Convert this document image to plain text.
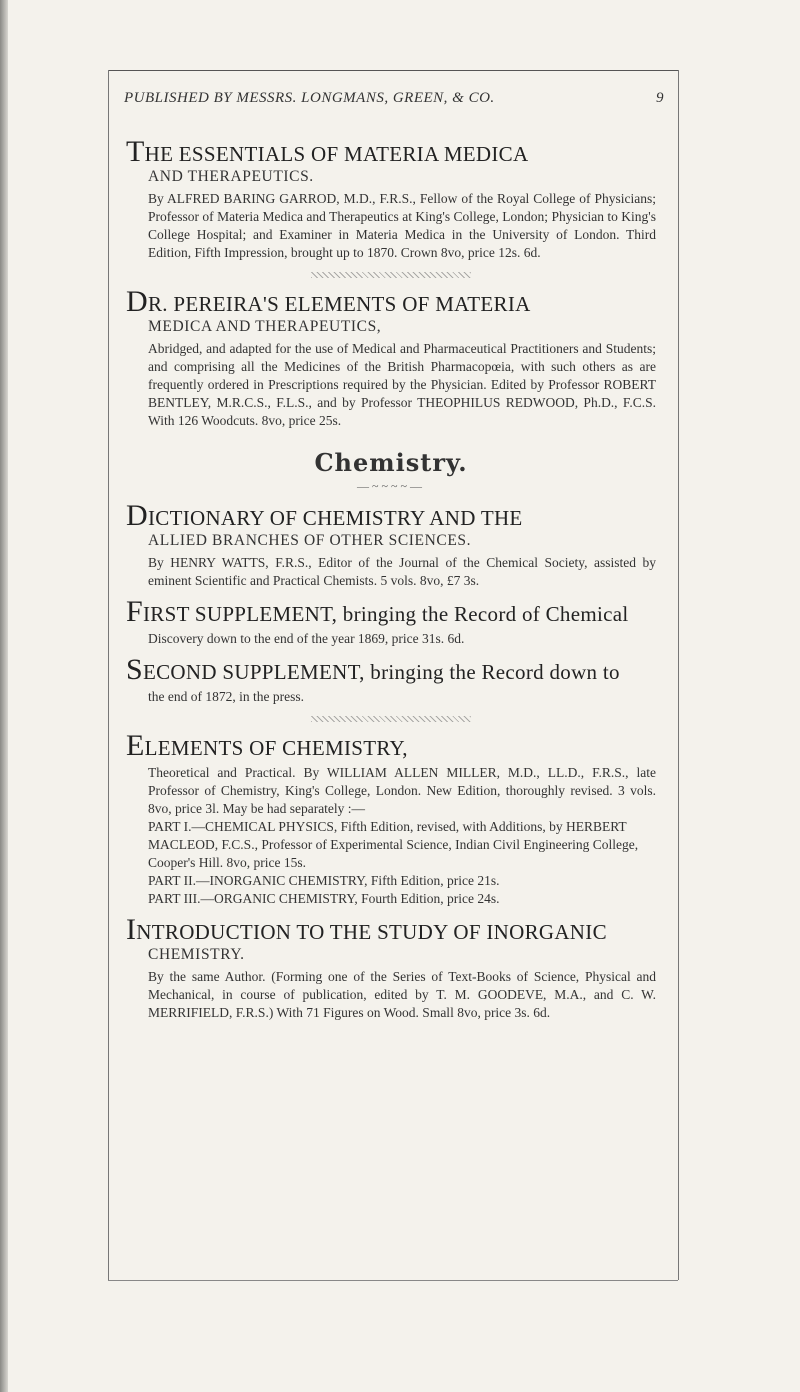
PUBLISHED BY MESSRS. LONGMANS, GREEN, & CO.	9
THE ESSENTIALS OF MATERIA MEDICA
AND THERAPEUTICS.
By ALFRED BARING GARROD, M.D., F.R.S., Fellow of the Royal College of Physicians; Professor of Materia Medica and Therapeutics at King's College, London; Physician to King's College Hospital; and Examiner in Materia Medica in the University of London. Third Edition, Fifth Impression, brought up to 1870. Crown 8vo, price 12s. 6d.
DR. PEREIRA'S ELEMENTS OF MATERIA
MEDICA AND THERAPEUTICS,
Abridged, and adapted for the use of Medical and Pharmaceutical Practitioners and Students; and comprising all the Medicines of the British Pharmacopœia, with such others as are frequently ordered in Prescriptions required by the Physician. Edited by Professor ROBERT BENTLEY, M.R.C.S., F.L.S., and by Professor THEOPHILUS REDWOOD, Ph.D., F.C.S. With 126 Woodcuts. 8vo, price 25s.
Chemistry.
—~~~~—
DICTIONARY OF CHEMISTRY AND THE
ALLIED BRANCHES OF OTHER SCIENCES.
By HENRY WATTS, F.R.S., Editor of the Journal of the Chemical Society, assisted by eminent Scientific and Practical Chemists. 5 vols. 8vo, £7 3s.
FIRST SUPPLEMENT, bringing the Record of Chemical
Discovery down to the end of the year 1869, price 31s. 6d.
SECOND SUPPLEMENT, bringing the Record down to
the end of 1872, in the press.
ELEMENTS OF CHEMISTRY,
Theoretical and Practical. By WILLIAM ALLEN MILLER, M.D., LL.D., F.R.S., late Professor of Chemistry, King's College, London. New Edition, thoroughly revised. 3 vols. 8vo, price 3l. May be had separately :—
PART I.—CHEMICAL PHYSICS, Fifth Edition, revised, with Additions, by HERBERT MACLEOD, F.C.S., Professor of Experimental Science, Indian Civil Engineering College, Cooper's Hill. 8vo, price 15s.
PART II.—INORGANIC CHEMISTRY, Fifth Edition, price 21s.
PART III.—ORGANIC CHEMISTRY, Fourth Edition, price 24s.
INTRODUCTION TO THE STUDY OF INORGANIC
CHEMISTRY.
By the same Author. (Forming one of the Series of Text-Books of Science, Physical and Mechanical, in course of publication, edited by T. M. GOODEVE, M.A., and C. W. MERRIFIELD, F.R.S.) With 71 Figures on Wood. Small 8vo, price 3s. 6d.
